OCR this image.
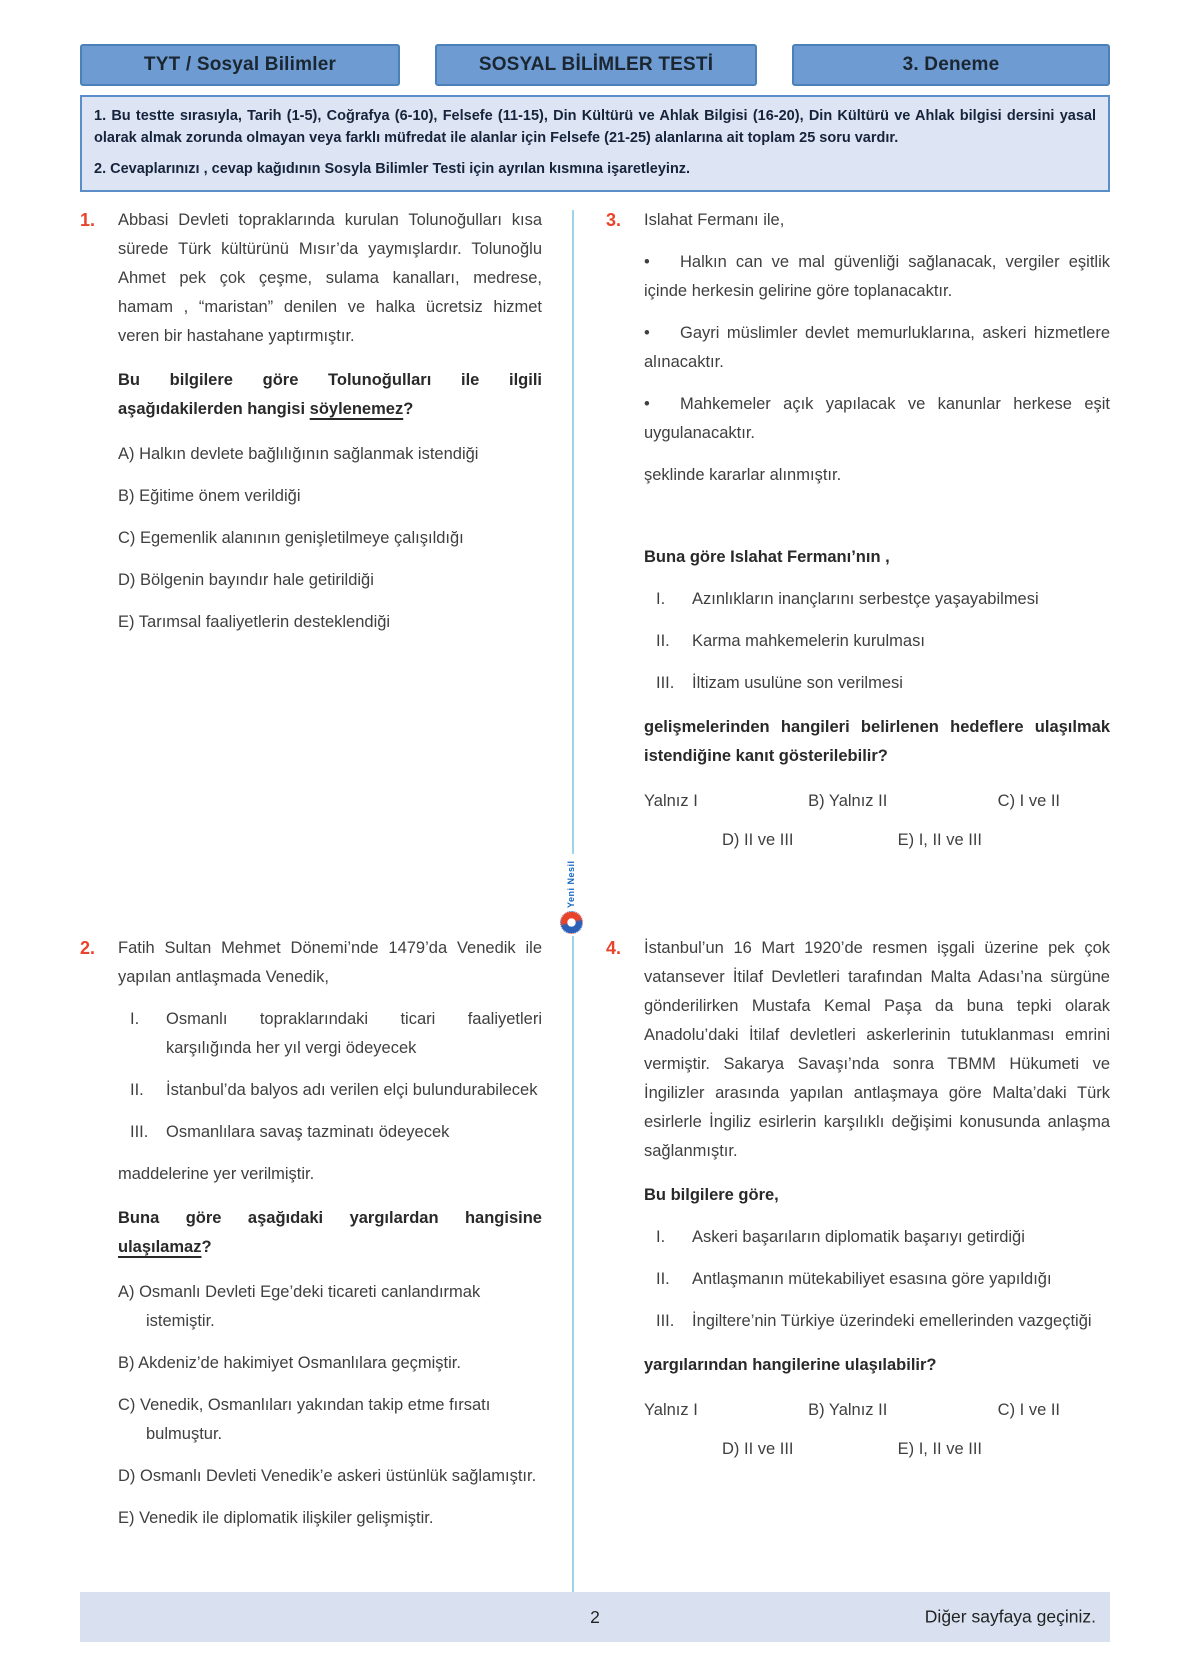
TYT / Sosyal Bilimler	SOSYAL BİLİMLER TESTİ	3. Deneme

1. Bu testte sırasıyla, Tarih (1-5), Coğrafya (6-10), Felsefe (11-15), Din Kültürü ve Ahlak Bilgisi (16-20), Din Kültürü ve Ahlak bilgisi dersini yasal olarak almak zorunda olmayan veya farklı müfredat ile alanlar için Felsefe (21-25) alanlarına ait toplam 25 soru vardır.

2. Cevaplarınızı , cevap kağıdının Sosyla Bilimler Testi için ayrılan kısmına işaretleyinz.

Yeni Nesil
1.	Abbasi Devleti topraklarında kurulan Tolunoğulları kısa sürede Türk kültürünü Mısır’da yaymışlardır. Tolunoğlu Ahmet pek çok çeşme, sulama kanalları, medrese, hamam , “maristan” denilen ve halka ücretsiz hizmet veren bir hastahane yaptırmıştır.

Bu bilgilere göre Tolunoğulları ile ilgili aşağıdakilerden hangisi söylenemez?

A) Halkın devlete bağlılığının sağlanmak istendiği

B) Eğitime önem verildiği

C) Egemenlik alanının genişletilmeye çalışıldığı

D) Bölgenin bayındır hale getirildiği

E) Tarımsal faaliyetlerin desteklendiği

3.	Islahat Fermanı ile,

• Halkın can ve mal güvenliği sağlanacak, vergiler eşitlik içinde herkesin gelirine göre toplanacaktır.

• Gayri müslimler devlet memurluklarına, askeri hizmetlere alınacaktır.

• Mahkemeler açık yapılacak ve kanunlar herkese eşit uygulanacaktır.

şeklinde kararlar alınmıştır.

Buna göre Islahat Fermanı’nın ,

I.	Azınlıkların inançlarını serbestçe yaşayabilmesi
II.	Karma mahkemelerin kurulması
III.	İltizam usulüne son verilmesi

gelişmelerinden hangileri belirlenen hedeflere ulaşılmak istendiğine kanıt gösterilebilir?

Yalnız I	B) Yalnız II	C) I ve II
D) II ve III	E) I, II ve III
2.	Fatih Sultan Mehmet Dönemi’nde 1479’da Venedik ile yapılan antlaşmada Venedik,

I.	Osmanlı topraklarındaki ticari faaliyetleri karşılığında her yıl vergi ödeyecek
II.	İstanbul’da balyos adı verilen elçi bulundurabilecek
III.	Osmanlılara savaş tazminatı ödeyecek

maddelerine yer verilmiştir.

Buna göre aşağıdaki yargılardan hangisine ulaşılamaz?

A) Osmanlı Devleti Ege’deki ticareti canlandırmak istemiştir.

B) Akdeniz’de hakimiyet Osmanlılara geçmiştir.

C) Venedik, Osmanlıları yakından takip etme fırsatı bulmuştur.

D) Osmanlı Devleti Venedik’e askeri üstünlük sağlamıştır.

E) Venedik ile diplomatik ilişkiler gelişmiştir.

4.	İstanbul’un 16 Mart 1920’de resmen işgali üzerine pek çok vatansever İtilaf Devletleri tarafından Malta Adası’na sürgüne gönderilirken Mustafa Kemal Paşa da buna tepki olarak Anadolu’daki İtilaf devletleri askerlerinin tutuklanması emrini vermiştir. Sakarya Savaşı’nda sonra TBMM Hükumeti ve İngilizler arasında yapılan antlaşmaya göre Malta’daki Türk esirlerle İngiliz esirlerin karşılıklı değişimi konusunda anlaşma sağlanmıştır.

Bu bilgilere göre,

I.	Askeri başarıların diplomatik başarıyı getirdiği
II.	Antlaşmanın mütekabiliyet esasına göre yapıldığı
III.	İngiltere’nin Türkiye üzerindeki emellerinden vazgeçtiği

yargılarından hangilerine ulaşılabilir?

Yalnız I	B) Yalnız II	C) I ve II
D) II ve III	E) I, II ve III
2	Diğer sayfaya geçiniz.
